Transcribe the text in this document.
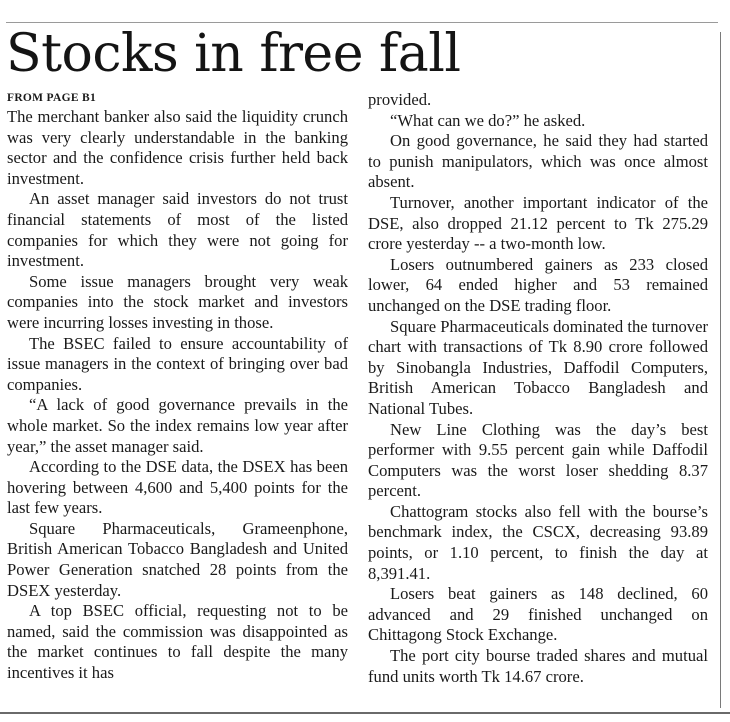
Stocks in free fall
FROM PAGE B1

The merchant banker also said the liquidity crunch was very clearly understandable in the banking sector and the confidence crisis further held back investment.

An asset manager said investors do not trust financial statements of most of the listed companies for which they were not going for investment.

Some issue managers brought very weak companies into the stock market and investors were incurring losses investing in those.

The BSEC failed to ensure accountability of issue managers in the context of bringing over bad companies.

“A lack of good governance prevails in the whole market. So the index remains low year after year,” the asset manager said.

According to the DSE data, the DSEX has been hovering between 4,600 and 5,400 points for the last few years.

Square Pharmaceuticals, Grameenphone, British American Tobacco Bangladesh and United Power Generation snatched 28 points from the DSEX yesterday.

A top BSEC official, requesting not to be named, said the commission was disappointed as the market continues to fall despite the many incentives it has

provided.

“What can we do?” he asked.

On good governance, he said they had started to punish manipulators, which was once almost absent.

Turnover, another important indicator of the DSE, also dropped 21.12 percent to Tk 275.29 crore yesterday -- a two-month low.

Losers outnumbered gainers as 233 closed lower, 64 ended higher and 53 remained unchanged on the DSE trading floor.

Square Pharmaceuticals dominated the turnover chart with transactions of Tk 8.90 crore followed by Sinobangla Industries, Daffodil Computers, British American Tobacco Bangladesh and National Tubes.

New Line Clothing was the day’s best performer with 9.55 percent gain while Daffodil Computers was the worst loser shedding 8.37 percent.

Chattogram stocks also fell with the bourse’s benchmark index, the CSCX, decreasing 93.89 points, or 1.10 percent, to finish the day at 8,391.41.

Losers beat gainers as 148 declined, 60 advanced and 29 finished unchanged on Chittagong Stock Exchange.

The port city bourse traded shares and mutual fund units worth Tk 14.67 crore.
